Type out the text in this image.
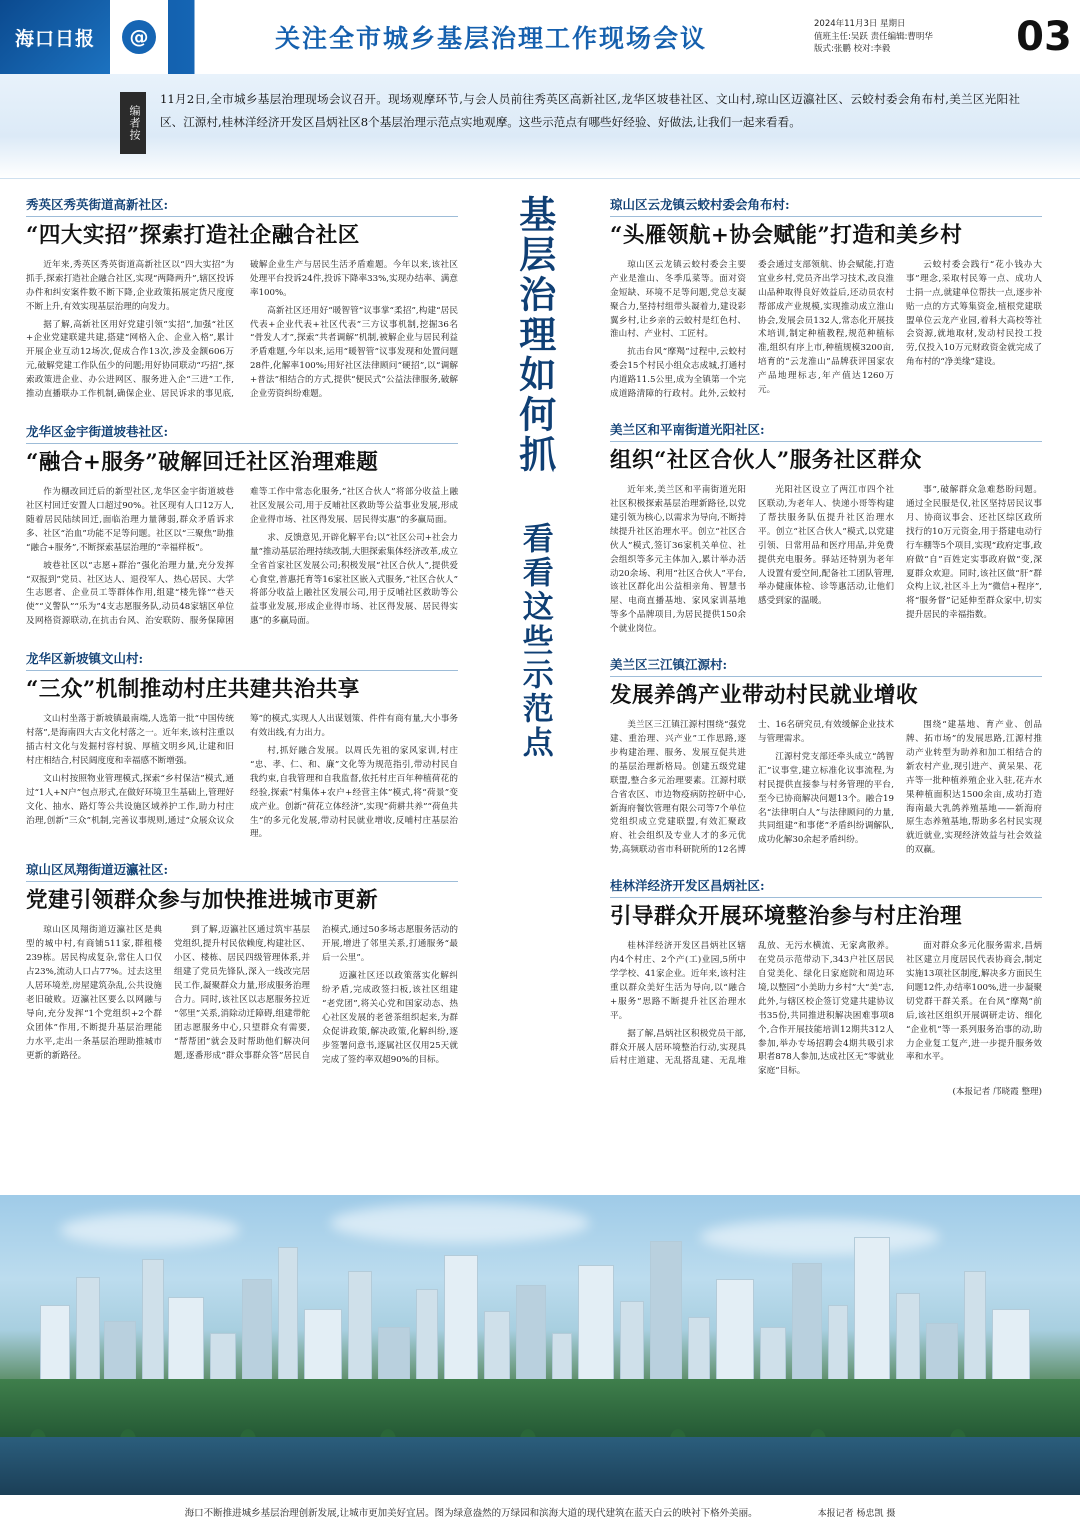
海口日报	@	关注全市城乡基层治理工作现场会议
2024年11月3日 星期日
值班主任:吴跃 责任编辑:曹明华
版式:张鹏 校对:李毅	03
编者按
11月2日,全市城乡基层治理现场会议召开。现场观摩环节,与会人员前往秀英区高新社区,龙华区坡巷社区、文山村,琼山区迈瀛社区、云蛟村委会角布村,美兰区光阳社区、江源村,桂林洋经济开发区昌炳社区8个基层治理示范点实地观摩。这些示范点有哪些好经验、好做法,让我们一起来看看。
秀英区秀英街道高新社区:
“四大实招”探索打造社企融合社区

近年来,秀英区秀英街道高新社区以“四大实招”为抓手,探索打造社企融合社区,实现“两降两升”,辖区投诉办件和纠安案件数不断下降,企业政策拓展定货尺度度不断上升,有效实现基层治理的向发力。

据了解,高新社区用好党建引领“实招”,加强“社区+企业党建联建共建,搭建“网格入企、企业入格”,累计开展企业互动12场次,促成合作13次,涉及金额606万元,破解党建工作队伍少的问题;用好协同联动“巧招”,探索政策进企业、办公进网区、服务进入企“三进”工作,推动直播联办工作机制,确保企业、居民诉求的事见底,破解企业生产与居民生活矛盾难题。今年以来,该社区处理平台投诉24件,投诉下降率33%,实现办结率、满意率100%。

高新社区还用好“暖智管”议事掌“柔招”,构建“居民代表+企业代表+社区代表”三方议事机制,挖掘36名“骨发人才”,探索“共者调解”机制,被解企业与居民利益矛盾难题,今年以来,运用“暖智管”议事发现和处置问题28件,化解率100%;用好社区法律顾问“硬招”,以“调解+普法”相结合的方式,提供“便民式”公益法律服务,破解企业劳资纠纷难题。

龙华区金宇街道坡巷社区:
“融合+服务”破解回迁社区治理难题

作为棚改回迁后的新型社区,龙华区金宇街道坡巷社区村回迁安置人口超过90%。社区现有人口12万人,随着居民陆续回迁,面临治理力量薄弱,群众矛盾诉求多、社区“治血”功能不足等问题。社区以“三聚焦”助推“融合+服务”,不断探索基层治理的“幸福样板”。

坡巷社区以“志愿+群治”强化治理力量,充分发挥“双报到”党员、社区达人、退役军人、热心居民、大学生志愿者、企业员工等群体作用,组建“楼先锋”“巷天使”“义警队”“乐为”4支志愿服务队,动员48家辖区单位及网格资源联动,在抗击台风、治安联防、服务保障困难等工作中常态化服务,“社区合伙人”将部分收益上融社区发展公司,用于反哺社区救助等公益事业发展,形成企业得市场、社区得发展、居民得实惠”的多赢局面。

求、反馈意见,开辟化解平台;以“社区公司+社会力量”推动基层治理持续改制,大胆探索集体经济改革,成立全省首家社区发展公司;积极发展“社区合伙人”,提供爱心食堂,普惠托育等16家社区嵌入式服务,“社区合伙人”将部分收益上融社区发展公司,用于反哺社区救助等公益事业发展,形成企业得市场、社区得发展、居民得实惠”的多赢局面。

龙华区新坡镇文山村:
“三众”机制推动村庄共建共治共享

文山村坐落于新坡镇最南端,人选第一批“中国传统村落”,是海南四大古文化村落之一。近年来,该村注重以插古村文化与发掘村容村貌、厚植文明乡风,让建和旧村庄相结合,村民阔度度和幸福感不断增强。

文山村按照物业管理模式,探索“乡村保洁”模式,通过“1人+N户”包点形式,在做好环境卫生基础上,管理好文化、抽水、路灯等公共设施区域养护工作,助力村庄治理,创新“三众”机制,完善议事规则,通过“众展众议众筹”的模式,实现人人出谋划策、件件有商有量,大小事务有效出线,有力出力。

村,抓好融合发展。以周氏先祖的家风家训,村庄“忠、孝、仁、和、廉”文化等为规范指引,带动村民自我约束,自我管理和自我监督,依托村庄百年种植荷花的经验,探索“村集体+农户+经营主体”模式,将“荷景”变成产业。创新“荷花立体经济”,实现“荷耕共养”“荷鱼共生”的多元化发展,带动村民就业增收,反哺村庄基层治理。

琼山区凤翔街道迈瀛社区:
党建引领群众参与加快推进城市更新

琼山区凤翔街道迈瀛社区是典型的城中村,有商铺511家,群租楼239栋。居民构成复杂,常住人口仅占23%,流动人口占77%。过去这里人居环境差,房屋建筑杂乱,公共设施老旧破败。迈瀛社区要么以网融与导向,充分发挥“1个党组织+2个群众团体”作用,不断提升基层治理能力水平,走出一条基层治理助推城市更新的新路径。

到了解,迈瀛社区通过筑牢基层党组织,提升村民依赖度,构建社区、小区、楼栋、居民四级管理体系,并组建了党员先锋队,深入一线改完居民工作,凝聚群众力量,形成服务治理合力。同时,该社区以志愿服务拉近“邻里”关系,消除动迁障碍,组建带舵团志愿服务中心,只望群众有需要,“帮帮团”就会及时帮助他们解决问题,逐番形成“群众事群众答”居民自治模式,通过50多场志愿服务活动的开展,增进了邻里关系,打通服务“最后一公里”。

迈瀛社区还以政策落实化解纠纷矛盾,完成政签扫板,该社区组建“老党团”,将关心党和国家动态、热心社区发展的老爸茶组织起来,为群众促讲政策,解决政策,化解纠纷,逐步签署问意书,逐属社区仅用25天就完成了签约率双超90%的目标。

基层治理如何抓 看看这些示范点
琼山区云龙镇云蛟村委会角布村:
“头雁领航+协会赋能”打造和美乡村

琼山区云龙镇云蛟村委会主要产业是淮山、冬季瓜菜等。面对资金短缺、环境不足等问题,党总支凝聚合力,坚持村组带头凝着力,建设彩翼乡村,让乡亲的云蛟村是红色村、淮山村、产业村、工匠村。

抗击台风“摩羯”过程中,云蛟村委会15个村民小组众志成城,打通村内道路11.5公里,成为全镇第一个完成道路清障的行政村。此外,云蛟村委会通过支部领航、协会赋能,打造宜业乡村,党员齐出学习技术,改良淮山品种取得良好效益后,还动员农村帮部成产业规模,实现推动成立淮山协会,发展会员132人,常态化开展技术培训,制定种植教程,规范种植标准,组织有序上市,种植规模3200亩,培育的“云龙淮山”品牌获评国家农产品地理标志,年产值达1260万元。

云蛟村委会践行“花小钱办大事”理念,采取村民筹一点、成功人士捐一点,就建单位帮扶一点,逐步补贴一点的方式筹集资金,植根党建联盟单位云龙产业园,着科大高校等社会资源,就地取材,发动村民投工投劳,仅投入10万元财政资金就完成了角布村的“净美缘”建设。

美兰区和平南街道光阳社区:
组织“社区合伙人”服务社区群众

近年来,美兰区和平南街道光阳社区积极探索基层治理新路径,以党建引领为核心,以需求为导向,不断持续提升社区治理水平。创立“社区合伙人”模式,签订36家机关单位、社会组织等多元主体加入,累计举办活动20余场、利用“社区合伙人”平台,该社区群化出公益相亲角、智慧书屋、电商直播基地、家风家训基地等多个品牌项目,为居民提供150余个就业岗位。

光阳社区设立了两江市四个社区联动,为老年人、快递小哥等构建了帮扶服务队伍提升社区治理水平。创立“社区合伙人”模式,以党建引领、日常用品和医疗用品,并免费提供充电服务。驿站还特别为老年人设置有爱空间,配备社工团队管理,举办健康体检、诊等惠活动,让他们感受到家的温暖。

事”,破解群众急难愁盼问题。通过全民服是仅,社区坚持居民议事月、协商议事会、还社区综区政所找行的10万元资金,用于搭建电动行行车棚等5个项目,实现“政府定事,政府做“自”百姓定实事政府做“变,深夏群众欢迎。同时,该社区做“肝”群众构上议,社区斗上为“微信+程序”,将“服务督”记延伸至群众家中,切实提升居民的幸福指数。

美兰区三江镇江源村:
发展养鸽产业带动村民就业增收

美兰区三江镇江源村围绕“强党建、重治理、兴产业”工作思路,逐步构建治理、服务、发展互促共进的基层治理新格局。创建五级党建联盟,整合多元治理要素。江源村联合省农区、市边物疫病防控研中心,新海府餐饮管理有限公司等7个单位党组织成立党建联盟,有效汇聚政府、社会组织及专业人才的多元优势,高频联动省市科研院所的12名博士、16名研究员,有效缓解企业技术与管理需求。

江源村党支部还牵头成立“鸽智汇”议事堂,建立标准化议事流程,为村民提供直接参与村务管理的平台,至今已协商解决问题13个。融合19名“法律明白人”与法律顾问的力量,共同组建“和事佬”矛盾纠纷调解队,成功化解30余起矛盾纠纷。

围绕“建基地、育产业、创品牌、拓市场”的发展思路,江源村推动产业转型为助养和加工相结合的新农村产业,现引进产、黄呆果、花卉等一批种植养殖企业入驻,花卉水果种植面积达1500余亩,成功打造海南最大乳鸽养殖基地——新海府原生态养殖基地,帮助多名村民实现就近就业,实现经济效益与社会效益的双赢。

桂林洋经济开发区昌炳社区:
引导群众开展环境整治参与村庄治理

桂林洋经济开发区昌炳社区辖内4个村庄、2个产(工)业园,5所中学学校、41家企业。近年来,该村注重以群众美好生活为导向,以“融合+服务”思路不断提升社区治理水平。

据了解,昌炳社区积极党员干部,群众开展人居环境整治行动,实现具后村庄道建、无乱搭乱建、无乱堆乱放、无污水横流、无家禽散养。在党员示范带动下,343户社区居民自觉美化、绿化日家庭院和周边环境,以整园“小美助力乡村”大“美”志,此外,与辖区校企签订党建共建协议书35份,共同推进积解决困难事项8个,合作开展技能培训12期共312人参加,举办专场招聘会4期共吸引求职者878人参加,达成社区无“零就业家庭”目标。

面对群众多元化服务需求,昌炳社区建立月度居民代表协商会,制定实施13项社区制度,解决多方面民生问题12件,办结率100%,进一步凝聚切党群干群关系。在台风“摩羯”前后,该社区组织开展调研走访、细化“企业机”等一系列服务治事的动,助力企业复工复产,进一步提升服务效率和水平。

(本报记者 邝晓霞 整理)
海口不断推进城乡基层治理创新发展,让城市更加美好宜居。图为绿意盎然的万绿园和滨海大道的现代建筑在蓝天白云的映衬下格外美丽。	本报记者 杨忠凯 摄
